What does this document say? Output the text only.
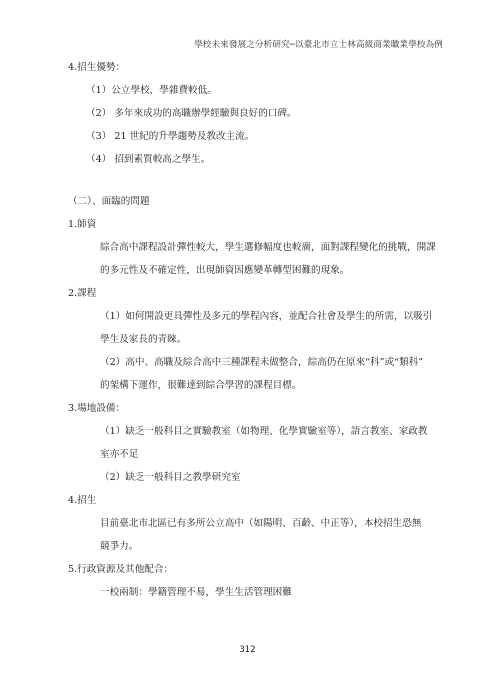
學校未來發展之分析研究─以臺北市立士林高級商業職業學校為例
4.招生優勢：
（1）公立學校，學雜費較低。
（2） 多年來成功的高職辦學經驗與良好的口碑。
（3） 21 世紀的升學趨勢及教改主流。
（4） 招到素質較高之學生。
（二）、面臨的問題
1.師資
綜合高中課程設計彈性較大，學生選修幅度也較廣，面對課程變化的挑戰，開課
的多元性及不確定性，出現師資因應變革轉型困難的現象。
2.課程
（1）如何開設更具彈性及多元的學程內容，並配合社會及學生的所需，以吸引
學生及家長的青睞。
（2）高中、高職及綜合高中三種課程未做整合，綜高仍在原來“科”或“類科”
的架構下運作，很難達到綜合學習的課程目標。
3.場地設備：
（1）缺乏一般科目之實驗教室（如物理、化學實驗室等），語言教室、家政教
室亦不足
（2）缺乏一般科目之教學研究室
4.招生
目前臺北市北區已有多所公立高中（如陽明、百齡、中正等），本校招生恐無
競爭力。
5.行政資源及其他配合：
一校兩制：學籍管理不易，學生生活管理困難
312
